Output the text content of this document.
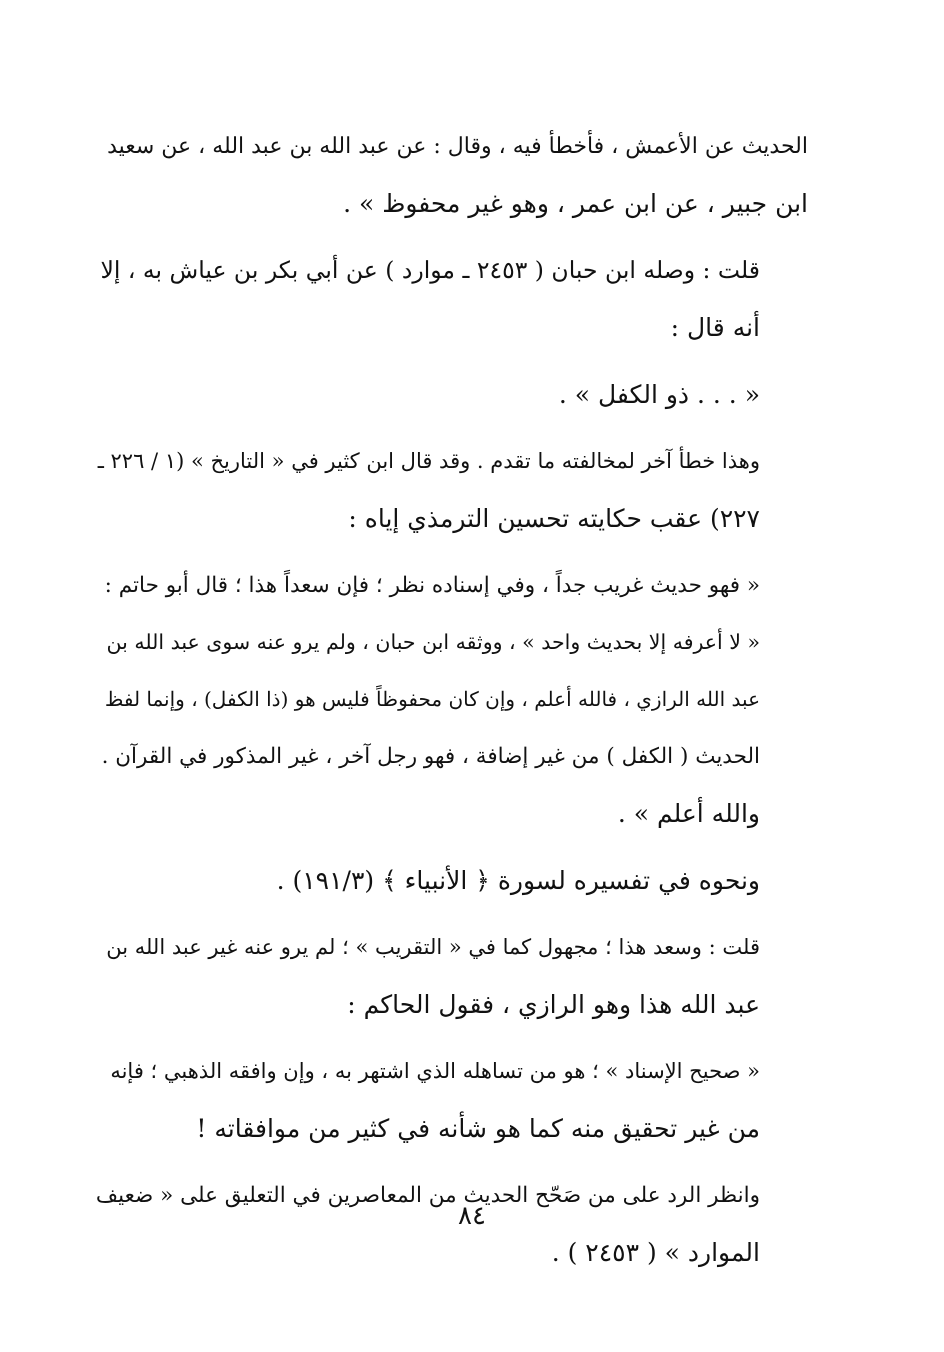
الحديث عن الأعمش ، فأخطأ فيه ، وقال : عن عبد الله بن عبد الله ، عن سعيد
ابن جبير ، عن ابن عمر ، وهو غير محفوظ » .

قلت : وصله ابن حبان ( ٢٤٥٣ ـ موارد ) عن أبي بكر بن عياش به ، إلا
أنه قال :

« . . . ذو الكفل » .

وهذا خطأ آخر لمخالفته ما تقدم . وقد قال ابن كثير في « التاريخ » (١ / ٢٢٦ ـ
٢٢٧) عقب حكايته تحسين الترمذي إياه :

« فهو حديث غريب جداً ، وفي إسناده نظر ؛ فإن سعداً هذا ؛ قال أبو حاتم :
« لا أعرفه إلا بحديث واحد » ، ووثقه ابن حبان ، ولم يرو عنه سوى عبد الله بن
عبد الله الرازي ، فالله أعلم ، وإن كان محفوظاً فليس هو (ذا الكفل) ، وإنما لفظ
الحديث ( الكفل ) من غير إضافة ، فهو رجل آخر ، غير المذكور في القرآن .
والله أعلم » .

ونحوه في تفسيره لسورة ﴿ الأنبياء ﴾ (١٩١/٣) .

قلت : وسعد هذا ؛ مجهول كما في « التقريب » ؛ لم يرو عنه غير عبد الله بن
عبد الله هذا وهو الرازي ، فقول الحاكم :

« صحيح الإسناد » ؛ هو من تساهله الذي اشتهر به ، وإن وافقه الذهبي ؛ فإنه
من غير تحقيق منه كما هو شأنه في كثير من موافقاته !

وانظر الرد على من صَحّح الحديث من المعاصرين في التعليق على « ضعيف
الموارد » ( ٢٤٥٣ ) .

٨٤
